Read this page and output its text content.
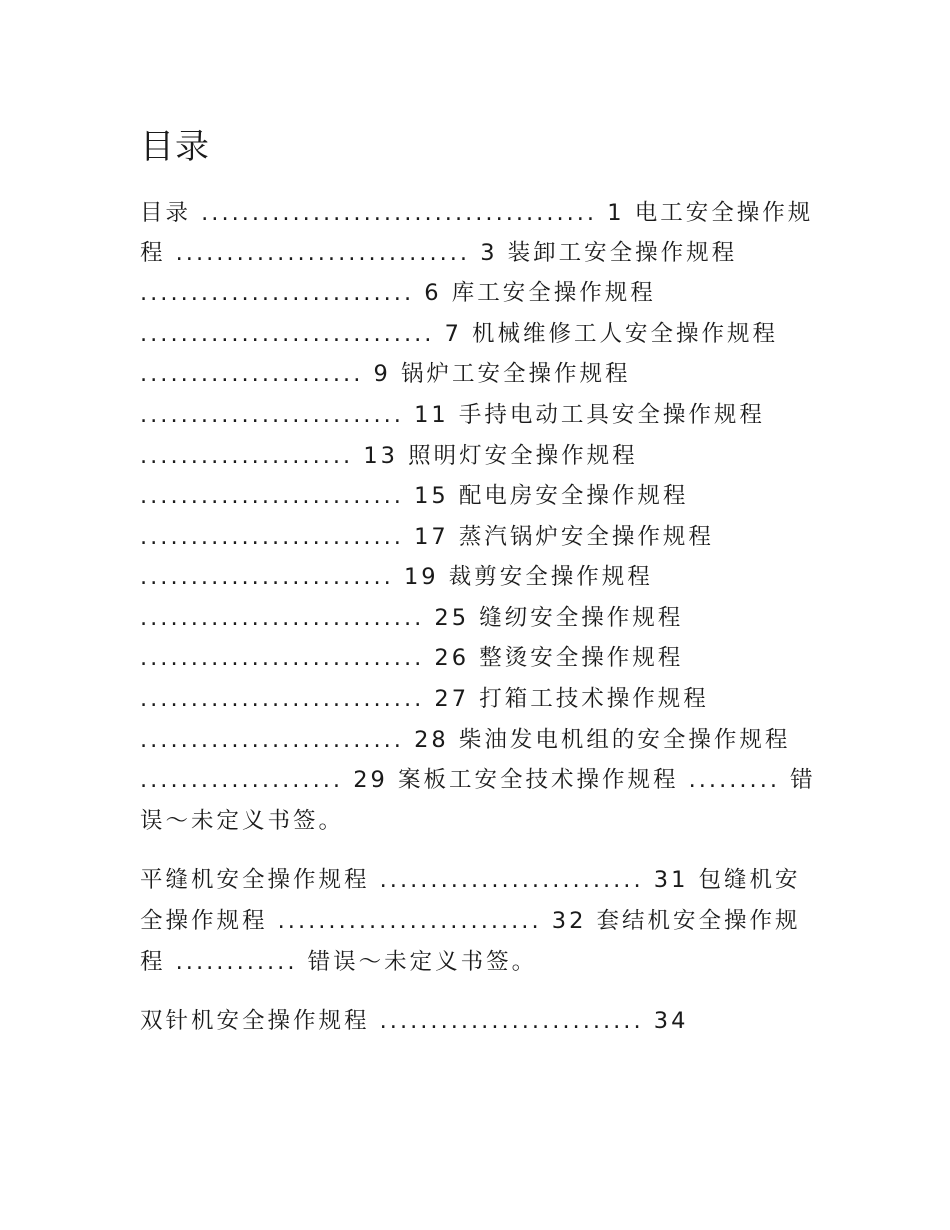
目录
目录 ....................................... 1 电工安全操作规
程 ............................. 3 装卸工安全操作规程
........................... 6 库工安全操作规程
............................. 7 机械维修工人安全操作规程
...................... 9 锅炉工安全操作规程
.......................... 11 手持电动工具安全操作规程
..................... 13 照明灯安全操作规程
.......................... 15 配电房安全操作规程
.......................... 17 蒸汽锅炉安全操作规程
......................... 19 裁剪安全操作规程
............................ 25 缝纫安全操作规程
............................ 26 整烫安全操作规程
............................ 27 打箱工技术操作规程
.......................... 28 柴油发电机组的安全操作规程
.................... 29 案板工安全技术操作规程 ......... 错
误～未定义书签。
平缝机安全操作规程 .......................... 31 包缝机安
全操作规程 .......................... 32 套结机安全操作规
程 ............ 错误～未定义书签。
双针机安全操作规程 .......................... 34
